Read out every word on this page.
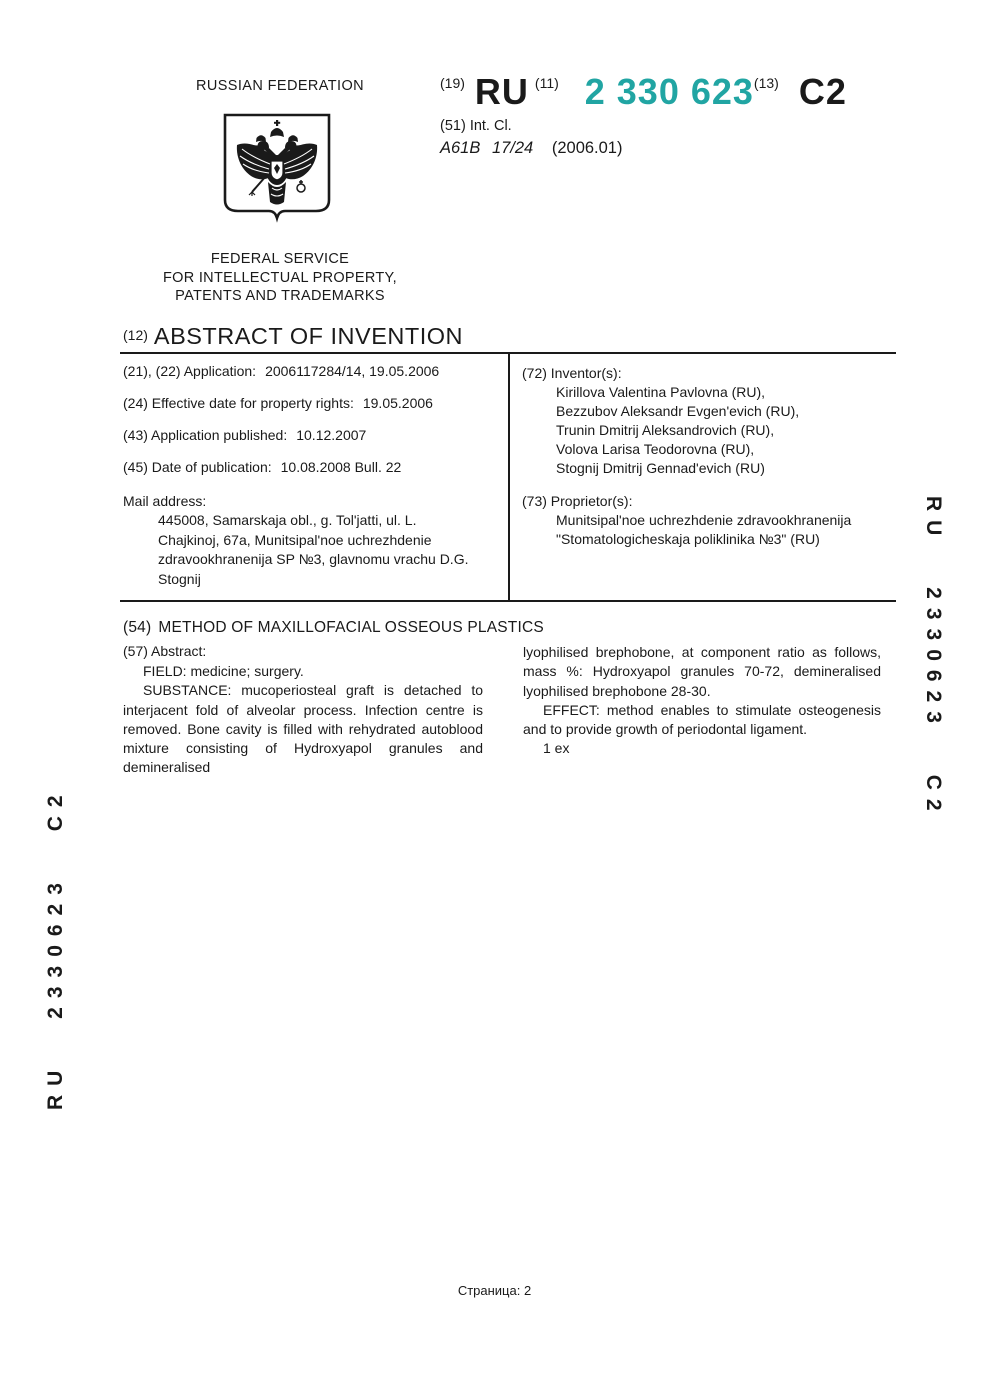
RUSSIAN FEDERATION
FEDERAL SERVICE
FOR INTELLECTUAL PROPERTY,
PATENTS AND TRADEMARKS
(19) RU (11) 2 330 623 (13) C2
(51) Int. Cl.
A61B 17/24 (2006.01)
(12) ABSTRACT OF INVENTION
(21), (22) Application: 2006117284/14, 19.05.2006
(24) Effective date for property rights: 19.05.2006
(43) Application published: 10.12.2007
(45) Date of publication: 10.08.2008 Bull. 22
Mail address:
445008, Samarskaja obl., g. Tol'jatti, ul. L.
Chajkinoj, 67a, Munitsipal'noe uchrezhdenie
zdravookhranenija SP №3, glavnomu vrachu D.G.
Stognij
(72) Inventor(s):
Kirillova Valentina Pavlovna (RU),
Bezzubov Aleksandr Evgen'evich (RU),
Trunin Dmitrij Aleksandrovich (RU),
Volova Larisa Teodorovna (RU),
Stognij Dmitrij Gennad'evich (RU)
(73) Proprietor(s):
Munitsipal'noe uchrezhdenie zdravookhranenija
"Stomatologicheskaja poliklinika №3" (RU)
(54) METHOD OF MAXILLOFACIAL OSSEOUS PLASTICS
(57) Abstract:

FIELD: medicine; surgery.

SUBSTANCE: mucoperiosteal graft is detached to interjacent fold of alveolar process. Infection centre is removed. Bone cavity is filled with rehydrated autoblood mixture consisting of Hydroxyapol granules and demineralised

lyophilised brephobone, at component ratio as follows, mass %: Hydroxyapol granules 70-72, demineralised lyophilised brephobone 28-30.

EFFECT: method enables to stimulate osteogenesis and to provide growth of periodontal ligament.

1 ex

RU 2330623 C2
RU 2330623 C2
Страница: 2
